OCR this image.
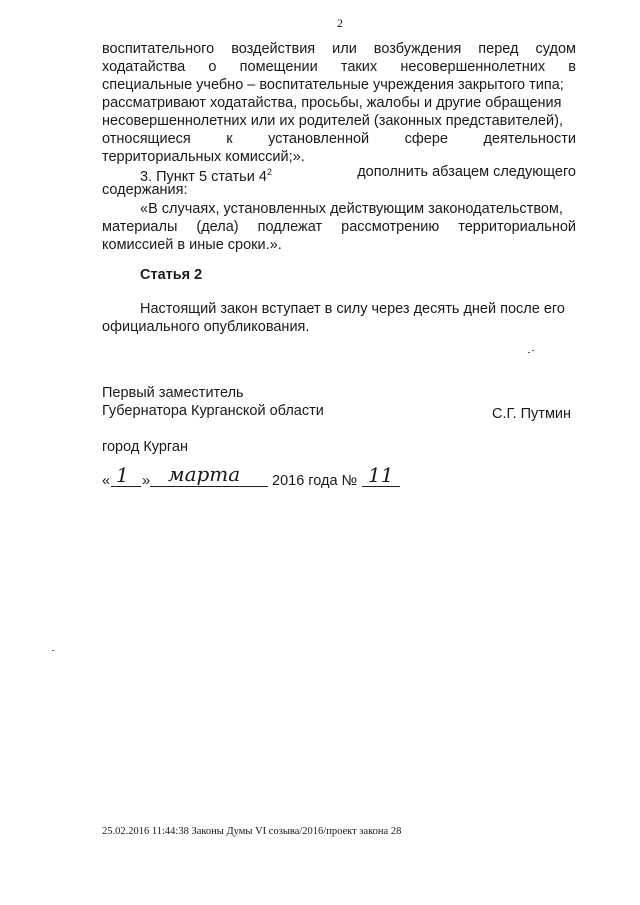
2

воспитательного воздействия или возбуждения перед судом

ходатайства о помещении таких несовершеннолетних в

специальные учебно – воспитательные учреждения закрытого типа;

рассматривают ходатайства, просьбы, жалобы и другие обращения

несовершеннолетних или их родителей (законных представителей),

относящиеся к установленной сфере деятельности

территориальных комиссий;».

3. Пункт 5 статьи $4^2$	дополнить абзацем следующего

содержания:

«В случаях, установленных действующим законодательством,

материалы (дела) подлежат рассмотрению территориальной

комиссией в иные сроки.».

Статья 2

Настоящий закон вступает в силу через десять дней после его

официального опубликования.

Первый заместитель

Губернатора Курганской области	С.Г. Путмин

город Курган

« 1 » марта 2016 года № 11
25.02.2016 11:44:38 Законы Думы VI созыва/2016/проект закона 28
